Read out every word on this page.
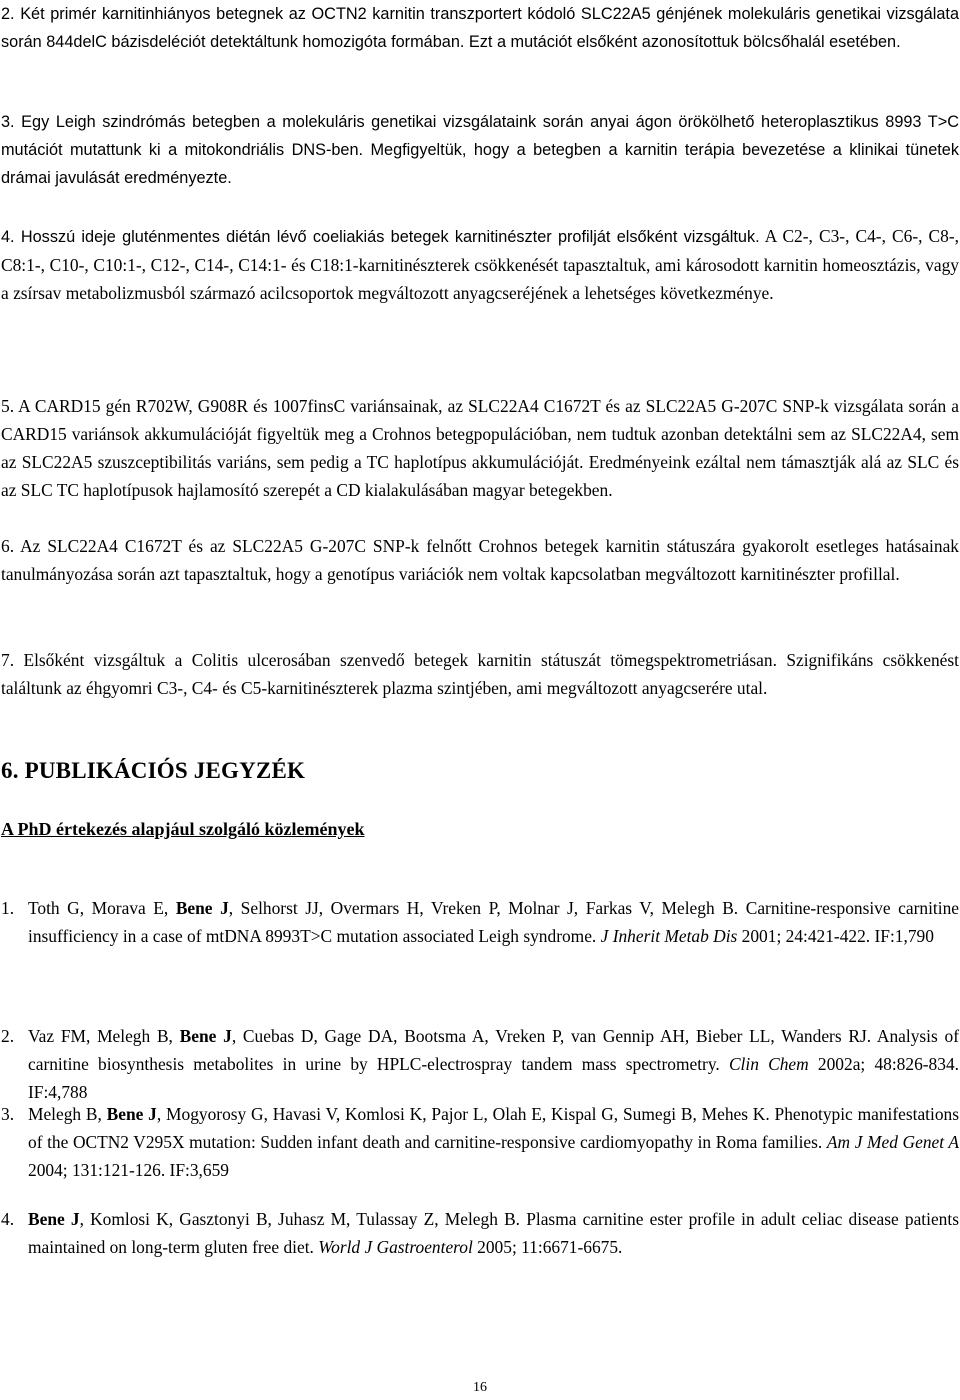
2. Két primér karnitinhiányos betegnek az OCTN2 karnitin transzportert kódoló SLC22A5 génjének molekuláris genetikai vizsgálata során 844delC bázisdeléciót detektáltunk homozigóta formában. Ezt a mutációt elsőként azonosítottuk bölcsőhalál esetében.

3. Egy Leigh szindrómás betegben a molekuláris genetikai vizsgálataink során anyai ágon örökölhető heteroplasztikus 8993 T>C mutációt mutattunk ki a mitokondriális DNS-ben. Megfigyeltük, hogy a betegben a karnitin terápia bevezetése a klinikai tünetek drámai javulását eredményezte.

4. Hosszú ideje gluténmentes diétán lévő coeliakiás betegek karnitinészter profilját elsőként vizsgáltuk. A C2-, C3-, C4-, C6-, C8-, C8:1-, C10-, C10:1-, C12-, C14-, C14:1- és C18:1-karnitinészterek csökkenését tapasztaltuk, ami károsodott karnitin homeosztázis, vagy a zsírsav metabolizmusból származó acilcsoportok megváltozott anyagcseréjének a lehetséges következménye.

5. A CARD15 gén R702W, G908R és 1007finsC variánsainak, az SLC22A4 C1672T és az SLC22A5 G-207C SNP-k vizsgálata során a CARD15 variánsok akkumulációját figyeltük meg a Crohnos betegpopulációban, nem tudtuk azonban detektálni sem az SLC22A4, sem az SLC22A5 szuszceptibilitás variáns, sem pedig a TC haplotípus akkumulációját. Eredményeink ezáltal nem támasztják alá az SLC és az SLC TC haplotípusok hajlamosító szerepét a CD kialakulásában magyar betegekben.

6. Az SLC22A4 C1672T és az SLC22A5 G-207C SNP-k felnőtt Crohnos betegek karnitin státuszára gyakorolt esetleges hatásainak tanulmányozása során azt tapasztaltuk, hogy a genotípus variációk nem voltak kapcsolatban megváltozott karnitinészter profillal.

7. Elsőként vizsgáltuk a Colitis ulcerosában szenvedő betegek karnitin státuszát tömegspektrometriásan. Szignifikáns csökkenést találtunk az éhgyomri C3-, C4- és C5-karnitinészterek plazma szintjében, ami megváltozott anyagcserére utal.

6. PUBLIKÁCIÓS JEGYZÉK
A PhD értekezés alapjául szolgáló közlemények

1. Toth G, Morava E, Bene J, Selhorst JJ, Overmars H, Vreken P, Molnar J, Farkas V, Melegh B. Carnitine-responsive carnitine insufficiency in a case of mtDNA 8993T>C mutation associated Leigh syndrome. J Inherit Metab Dis 2001; 24:421-422. IF:1,790

2. Vaz FM, Melegh B, Bene J, Cuebas D, Gage DA, Bootsma A, Vreken P, van Gennip AH, Bieber LL, Wanders RJ. Analysis of carnitine biosynthesis metabolites in urine by HPLC-electrospray tandem mass spectrometry. Clin Chem 2002a; 48:826-834. IF:4,788

3. Melegh B, Bene J, Mogyorosy G, Havasi V, Komlosi K, Pajor L, Olah E, Kispal G, Sumegi B, Mehes K. Phenotypic manifestations of the OCTN2 V295X mutation: Sudden infant death and carnitine-responsive cardiomyopathy in Roma families. Am J Med Genet A 2004; 131:121-126. IF:3,659

4. Bene J, Komlosi K, Gasztonyi B, Juhasz M, Tulassay Z, Melegh B. Plasma carnitine ester profile in adult celiac disease patients maintained on long-term gluten free diet. World J Gastroenterol 2005; 11:6671-6675.

16
